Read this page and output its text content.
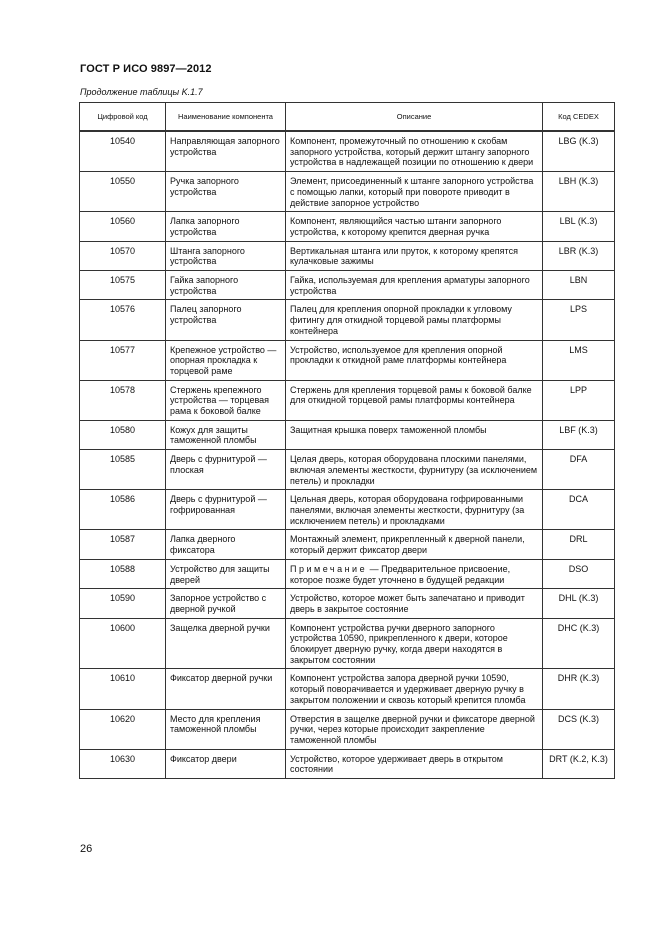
ГОСТ Р ИСО 9897—2012
Продолжение таблицы K.1.7
Цифровой код	Наименование компонента	Описание	Код CEDEX
10540	Направляющая запорного устройства	Компонент, промежуточный по отношению к скобам запорного устройства, который держит штангу запорного устройства в надлежащей позиции по отношению к двери	LBG (K.3)
10550	Ручка запорного устройства	Элемент, присоединенный к штанге запорного устройства с помощью лапки, который при повороте приводит в действие запорное устройство	LBH (K.3)
10560	Лапка запорного устройства	Компонент, являющийся частью штанги запорного устройства, к которому крепится дверная ручка	LBL (K.3)
10570	Штанга запорного устройства	Вертикальная штанга или пруток, к которому крепятся кулачковые зажимы	LBR (K.3)
10575	Гайка запорного устройства	Гайка, используемая для крепления арматуры запорного устройства	LBN
10576	Палец запорного устройства	Палец для крепления опорной прокладки к угловому фитингу для откидной торцевой рамы платформы контейнера	LPS
10577	Крепежное устройство — опорная прокладка к торцевой раме	Устройство, используемое для крепления опорной прокладки к откидной раме платформы контейнера	LMS
10578	Стержень крепежного устройства — торцевая рама к боковой балке	Стержень для крепления торцевой рамы к боковой балке для откидной торцевой рамы платформы контейнера	LPP
10580	Кожух для защиты таможенной пломбы	Защитная крышка поверх таможенной пломбы	LBF (K.3)
10585	Дверь с фурнитурой — плоская	Целая дверь, которая оборудована плоскими панелями, включая элементы жесткости, фурнитуру (за исключением петель) и прокладки	DFA
10586	Дверь с фурнитурой — гофрированная	Цельная дверь, которая оборудована гофрированными панелями, включая элементы жесткости, фурнитуру (за исключением петель) и прокладками	DCA
10587	Лапка дверного фиксатора	Монтажный элемент, прикрепленный к дверной панели, который держит фиксатор двери	DRL
10588	Устройство для защиты дверей	Примечание — Предварительное присвоение, которое позже будет уточнено в будущей редакции	DSO
10590	Запорное устройство с дверной ручкой	Устройство, которое может быть запечатано и приводит дверь в закрытое состояние	DHL (K.3)
10600	Защелка дверной ручки	Компонент устройства ручки дверного запорного устройства 10590, прикрепленного к двери, которое блокирует дверную ручку, когда двери находятся в закрытом состоянии	DHC (K.3)
10610	Фиксатор дверной ручки	Компонент устройства запора дверной ручки 10590, который поворачивается и удерживает дверную ручку в закрытом положении и сквозь который крепится пломба	DHR (K.3)
10620	Место для крепления таможенной пломбы	Отверстия в защелке дверной ручки и фиксаторе дверной ручки, через которые происходит закрепление таможенной пломбы	DCS (K.3)
10630	Фиксатор двери	Устройство, которое удерживает дверь в открытом состоянии	DRT (K.2, K.3)
26
